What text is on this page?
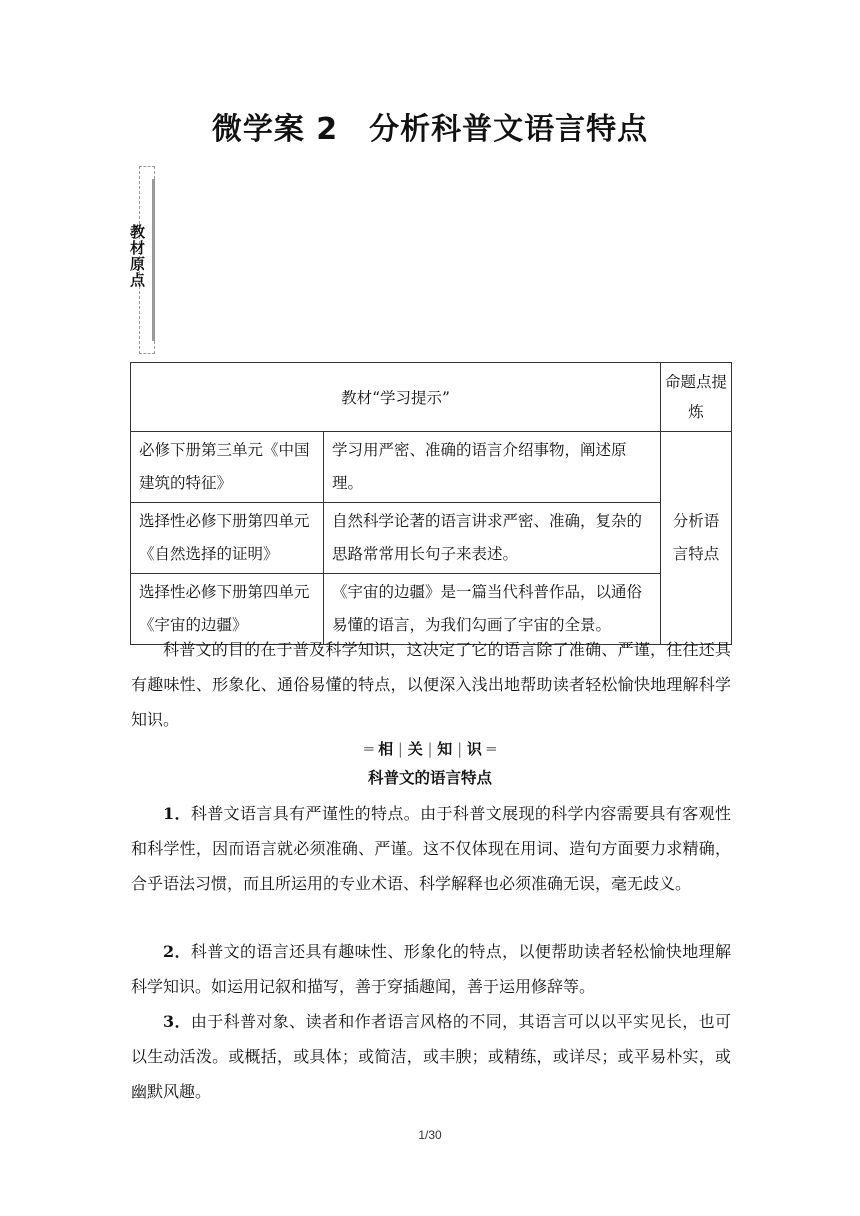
微学案 2　分析科普文语言特点
教材原点
教材“学习提示”		命题点提炼
必修下册第三单元《中国建筑的特征》	学习用严密、准确的语言介绍事物，阐述原理。	分析语言特点
选择性必修下册第四单元《自然选择的证明》	自然科学论著的语言讲求严密、准确，复杂的思路常常用长句子来表述。	
选择性必修下册第四单元《宇宙的边疆》	《宇宙的边疆》是一篇当代科普作品，以通俗易懂的语言，为我们勾画了宇宙的全景。	

科普文的目的在于普及科学知识，这决定了它的语言除了准确、严谨，往往还具有趣味性、形象化、通俗易懂的特点，以便深入浅出地帮助读者轻松愉快地理解科学知识。

═ 相 | 关 | 知 | 识 ═
科普文的语言特点

1．科普文语言具有严谨性的特点。由于科普文展现的科学内容需要具有客观性和科学性，因而语言就必须准确、严谨。这不仅体现在用词、造句方面要力求精确，合乎语法习惯，而且所运用的专业术语、科学解释也必须准确无误，毫无歧义。

2．科普文的语言还具有趣味性、形象化的特点，以便帮助读者轻松愉快地理解科学知识。如运用记叙和描写，善于穿插趣闻，善于运用修辞等。

3．由于科普对象、读者和作者语言风格的不同，其语言可以以平实见长，也可以生动活泼。或概括，或具体；或简洁，或丰腴；或精练，或详尽；或平易朴实，或幽默风趣。

1/30
